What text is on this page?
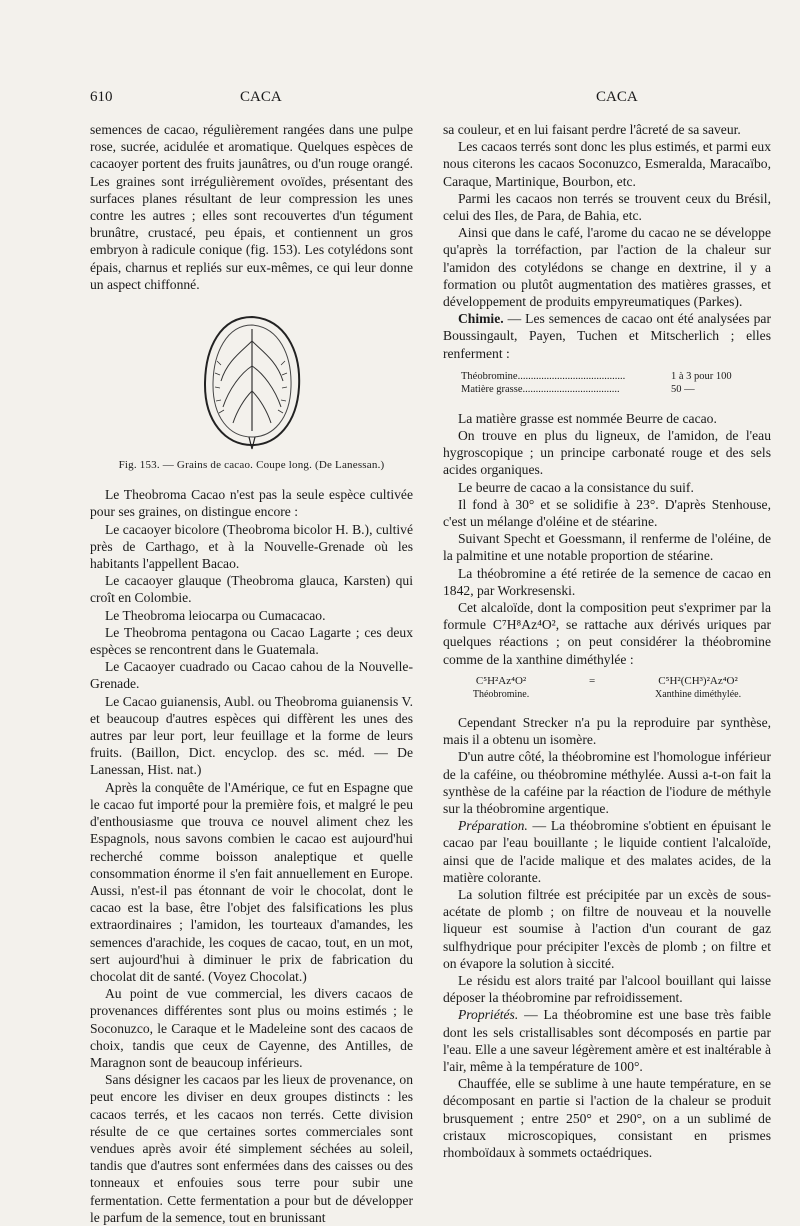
610	CACA	CACA

semences de cacao, régulièrement rangées dans une pulpe rose, sucrée, acidulée et aromatique. Quelques espèces de cacaoyer portent des fruits jaunâtres, ou d'un rouge orangé. Les graines sont irrégulièrement ovoïdes, présentant des surfaces planes résultant de leur compression les unes contre les autres ; elles sont recouvertes d'un tégument brunâtre, crustacé, peu épais, et contiennent un gros embryon à radicule conique (fig. 153). Les cotylédons sont épais, charnus et repliés sur eux-mêmes, ce qui leur donne un aspect chiffonné.

Fig. 153. — Grains de cacao. Coupe long. (De Lanessan.)

Le Theobroma Cacao n'est pas la seule espèce cultivée pour ses graines, on distingue encore :

Le cacaoyer bicolore (Theobroma bicolor H. B.), cultivé près de Carthago, et à la Nouvelle-Grenade où les habitants l'appellent Bacao.

Le cacaoyer glauque (Theobroma glauca, Karsten) qui croît en Colombie.

Le Theobroma leiocarpa ou Cumacacao.

Le Theobroma pentagona ou Cacao Lagarte ; ces deux espèces se rencontrent dans le Guatemala.

Le Cacaoyer cuadrado ou Cacao cahou de la Nouvelle-Grenade.

Le Cacao guianensis, Aubl. ou Theobroma guianensis V. et beaucoup d'autres espèces qui diffèrent les unes des autres par leur port, leur feuillage et la forme de leurs fruits. (Baillon, Dict. encyclop. des sc. méd. — De Lanessan, Hist. nat.)

Après la conquête de l'Amérique, ce fut en Espagne que le cacao fut importé pour la première fois, et malgré le peu d'enthousiasme que trouva ce nouvel aliment chez les Espagnols, nous savons combien le cacao est aujourd'hui recherché comme boisson analeptique et quelle consommation énorme il s'en fait annuellement en Europe. Aussi, n'est-il pas étonnant de voir le chocolat, dont le cacao est la base, être l'objet des falsifications les plus extraordinaires ; l'amidon, les tourteaux d'amandes, les semences d'arachide, les coques de cacao, tout, en un mot, sert aujourd'hui à diminuer le prix de fabrication du chocolat dit de santé. (Voyez Chocolat.)

Au point de vue commercial, les divers cacaos de provenances différentes sont plus ou moins estimés ; le Soconuzco, le Caraque et le Madeleine sont des cacaos de choix, tandis que ceux de Cayenne, des Antilles, de Maragnon sont de beaucoup inférieurs.

Sans désigner les cacaos par les lieux de provenance, on peut encore les diviser en deux groupes distincts : les cacaos terrés, et les cacaos non terrés. Cette division résulte de ce que certaines sortes commerciales sont vendues après avoir été simplement séchées au soleil, tandis que d'autres sont enfermées dans des caisses ou des tonneaux et enfouies sous terre pour subir une fermentation. Cette fermentation a pour but de développer le parfum de la semence, tout en brunissant

sa couleur, et en lui faisant perdre l'âcreté de sa saveur.

Les cacaos terrés sont donc les plus estimés, et parmi eux nous citerons les cacaos Soconuzco, Esmeralda, Maracaïbo, Caraque, Martinique, Bourbon, etc.

Parmi les cacaos non terrés se trouvent ceux du Brésil, celui des Iles, de Para, de Bahia, etc.

Ainsi que dans le café, l'arome du cacao ne se développe qu'après la torréfaction, par l'action de la chaleur sur l'amidon des cotylédons se change en dextrine, il y a formation ou plutôt augmentation des matières grasses, et développement de produits empyreumatiques (Parkes).

Chimie. — Les semences de cacao ont été analysées par Boussingault, Payen, Tuchen et Mitscherlich ; elles renferment :

Théobromine.........................................	1 à 3 pour 100
Matière grasse.....................................	50 —

La matière grasse est nommée Beurre de cacao.

On trouve en plus du ligneux, de l'amidon, de l'eau hygroscopique ; un principe carbonaté rouge et des sels acides organiques.

Le beurre de cacao a la consistance du suif.

Il fond à 30° et se solidifie à 23°. D'après Stenhouse, c'est un mélange d'oléine et de stéarine.

Suivant Specht et Goessmann, il renferme de l'oléine, de la palmitine et une notable proportion de stéarine.

La théobromine a été retirée de la semence de cacao en 1842, par Workresenski.

Cet alcaloïde, dont la composition peut s'exprimer par la formule C⁷H⁸Az⁴O², se rattache aux dérivés uriques par quelques réactions ; on peut considérer la théobromine comme de la xanthine diméthylée :

C⁵H²Az⁴O²
Théobromine.
=	C⁵H²(CH³)²Az⁴O²
Xanthine diméthylée.

Cependant Strecker n'a pu la reproduire par synthèse, mais il a obtenu un isomère.

D'un autre côté, la théobromine est l'homologue inférieur de la caféine, ou théobromine méthylée. Aussi a-t-on fait la synthèse de la caféine par la réaction de l'iodure de méthyle sur la théobromine argentique.

Préparation. — La théobromine s'obtient en épuisant le cacao par l'eau bouillante ; le liquide contient l'alcaloïde, ainsi que de l'acide malique et des malates acides, de la matière colorante.

La solution filtrée est précipitée par un excès de sous-acétate de plomb ; on filtre de nouveau et la nouvelle liqueur est soumise à l'action d'un courant de gaz sulfhydrique pour précipiter l'excès de plomb ; on filtre et on évapore la solution à siccité.

Le résidu est alors traité par l'alcool bouillant qui laisse déposer la théobromine par refroidissement.

Propriétés. — La théobromine est une base très faible dont les sels cristallisables sont décomposés en partie par l'eau. Elle a une saveur légèrement amère et est inaltérable à l'air, même à la température de 100°.

Chauffée, elle se sublime à une haute température, en se décomposant en partie si l'action de la chaleur se produit brusquement ; entre 250° et 290°, on a un sublimé de cristaux microscopiques, consistant en prismes rhomboïdaux à sommets octaédriques.
